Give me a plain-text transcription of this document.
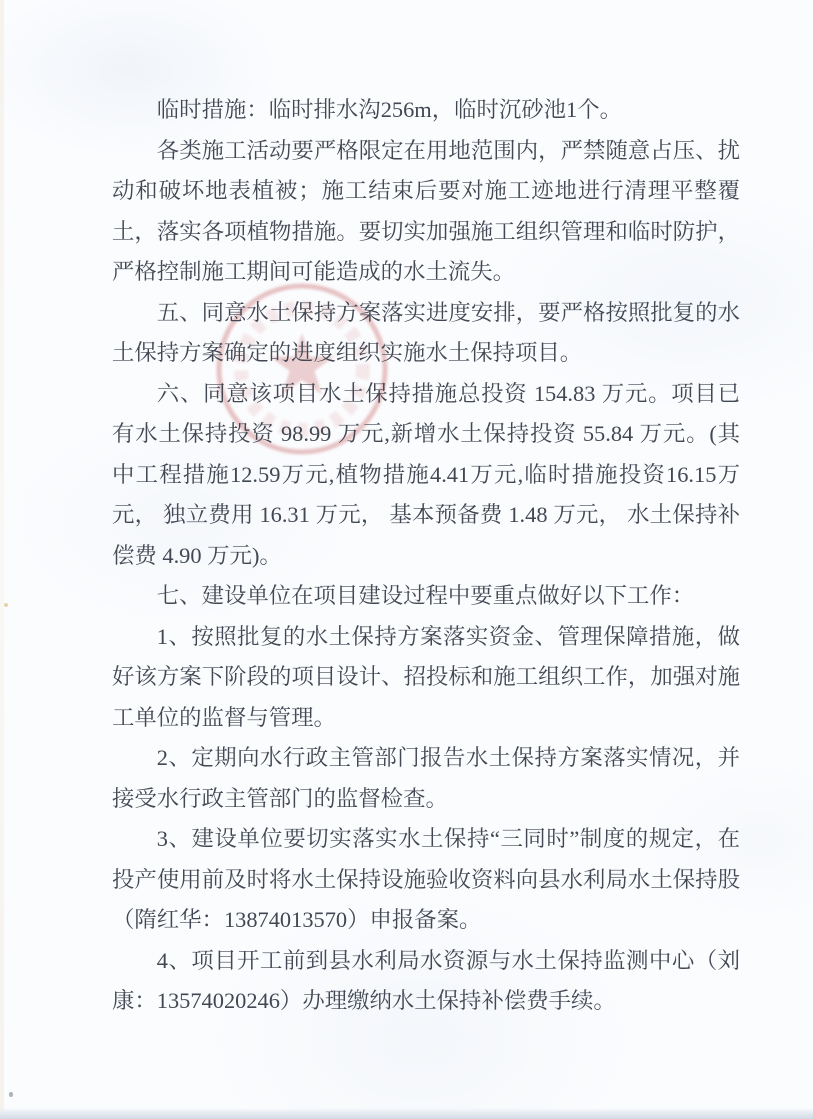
临时措施：临时排水沟256m，临时沉砂池1个。

各类施工活动要严格限定在用地范围内，严禁随意占压、扰动和破坏地表植被；施工结束后要对施工迹地进行清理平整覆土，落实各项植物措施。要切实加强施工组织管理和临时防护，严格控制施工期间可能造成的水土流失。

五、同意水土保持方案落实进度安排，要严格按照批复的水土保持方案确定的进度组织实施水土保持项目。

六、同意该项目水土保持措施总投资 154.83 万元。项目已有水土保持投资 98.99 万元,新增水土保持投资 55.84 万元。(其中工程措施12.59万元,植物措施4.41万元,临时措施投资16.15万元， 独立费用 16.31 万元， 基本预备费 1.48 万元， 水土保持补偿费 4.90 万元)。

七、建设单位在项目建设过程中要重点做好以下工作：

1、按照批复的水土保持方案落实资金、管理保障措施，做好该方案下阶段的项目设计、招投标和施工组织工作，加强对施工单位的监督与管理。

2、定期向水行政主管部门报告水土保持方案落实情况，并接受水行政主管部门的监督检查。

3、建设单位要切实落实水土保持“三同时”制度的规定，在投产使用前及时将水土保持设施验收资料向县水利局水土保持股（隋红华：13874013570）申报备案。

4、项目开工前到县水利局水资源与水土保持监测中心（刘康：13574020246）办理缴纳水土保持补偿费手续。
